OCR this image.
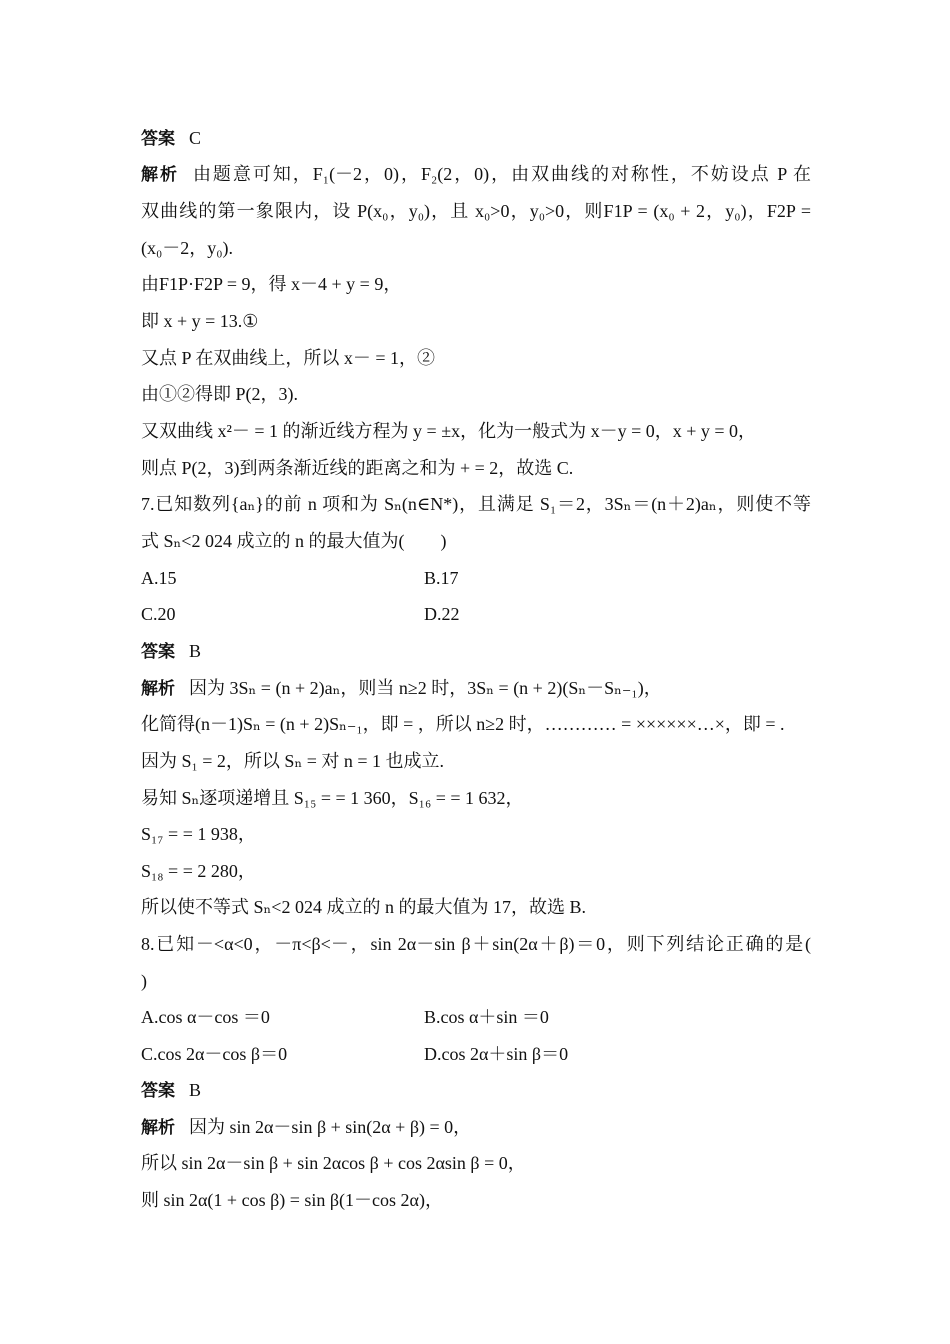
答案 C
解析 由题意可知，F₁(－2，0)，F₂(2，0)，由双曲线的对称性，不妨设点 P 在
双曲线的第一象限内，设 P(x₀，y₀)，且 x₀>0，y₀>0，则F1P = (x₀ + 2，y₀)，F2P =
(x₀－2，y₀).
由F1P·F2P = 9，得 x－4 + y = 9，
即 x + y = 13.①
又点 P 在双曲线上，所以 x－ = 1，②
由①②得即 P(2，3).
又双曲线 x²－ = 1 的渐近线方程为 y = ±x，化为一般式为 x－y = 0，x + y = 0，
则点 P(2，3)到两条渐近线的距离之和为 + = 2，故选 C.
7.已知数列{aₙ}的前 n 项和为 Sₙ(n∈N*)，且满足 S₁＝2，3Sₙ＝(n＋2)aₙ，则使不等
式 Sₙ<2 024 成立的 n 的最大值为(　　)
A.15	B.17
C.20	D.22
答案 B
解析 因为 3Sₙ = (n + 2)aₙ，则当 n≥2 时，3Sₙ = (n + 2)(Sₙ－Sₙ₋₁)，
化简得(n－1)Sₙ = (n + 2)Sₙ₋₁，即 = ，所以 n≥2 时，………… = ××××××…×，即 = .
因为 S₁ = 2，所以 Sₙ = 对 n = 1 也成立.
易知 Sₙ逐项递增且 S₁₅ = = 1 360，S₁₆ = = 1 632，
S₁₇ = = 1 938，
S₁₈ = = 2 280，
所以使不等式 Sₙ<2 024 成立的 n 的最大值为 17，故选 B.
8.已知－<α<0，－π<β<－，sin 2α－sin β＋sin(2α＋β)＝0，则下列结论正确的是(
)
A.cos α－cos ＝0	B.cos α＋sin ＝0
C.cos 2α－cos β＝0	D.cos 2α＋sin β＝0
答案 B
解析 因为 sin 2α－sin β + sin(2α + β) = 0，
所以 sin 2α－sin β + sin 2αcos β + cos 2αsin β = 0，
则 sin 2α(1 + cos β) = sin β(1－cos 2α)，
